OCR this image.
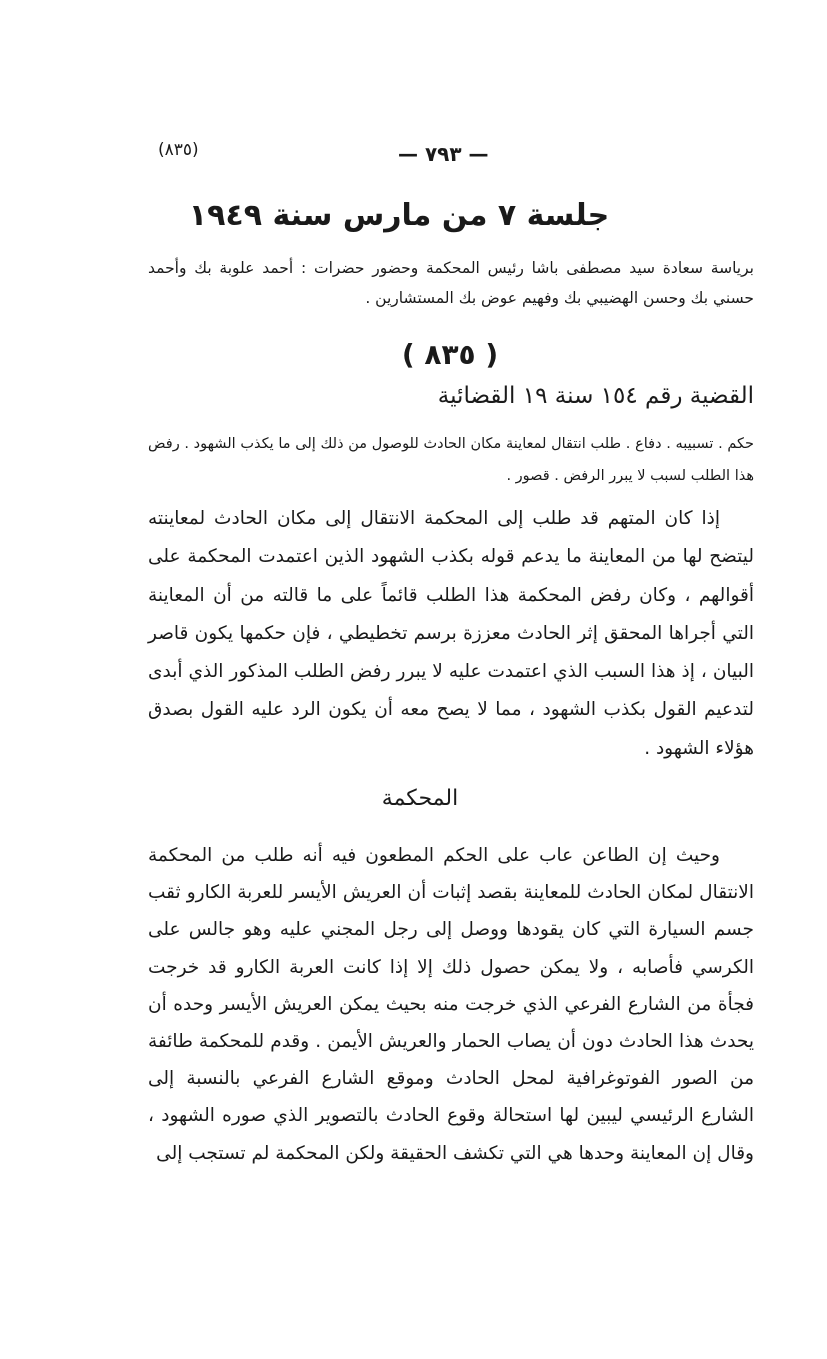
(٨٣٥)	— ٧٩٣ —
جلسة ٧ من مارس سنة ١٩٤٩
برياسة سعادة سيد مصطفى باشا رئيس المحكمة وحضور حضرات : أحمد علوبة بك وأحمد حسني بك وحسن الهضيبي بك وفهيم عوض بك المستشارين .
( ٨٣٥ )
القضية رقم ١٥٤ سنة ١٩ القضائية
حكم . تسبيبه . دفاع . طلب انتقال لمعاينة مكان الحادث للوصول من ذلك إلى ما يكذب الشهود . رفض هذا الطلب لسبب لا يبرر الرفض . قصور .
إذا كان المتهم قد طلب إلى المحكمة الانتقال إلى مكان الحادث لمعاينته ليتضح لها من المعاينة ما يدعم قوله بكذب الشهود الذين اعتمدت المحكمة على أقوالهم ، وكان رفض المحكمة هذا الطلب قائماً على ما قالته من أن المعاينة التي أجراها المحقق إثر الحادث معززة برسم تخطيطي ، فإن حكمها يكون قاصر البيان ، إذ هذا السبب الذي اعتمدت عليه لا يبرر رفض الطلب المذكور الذي أبدى لتدعيم القول بكذب الشهود ، مما لا يصح معه أن يكون الرد عليه القول بصدق هؤلاء الشهود .
المحكمة
وحيث إن الطاعن عاب على الحكم المطعون فيه أنه طلب من المحكمة الانتقال لمكان الحادث للمعاينة بقصد إثبات أن العريش الأيسر للعربة الكارو ثقب جسم السيارة التي كان يقودها ووصل إلى رجل المجني عليه وهو جالس على الكرسي فأصابه ، ولا يمكن حصول ذلك إلا إذا كانت العربة الكارو قد خرجت فجأة من الشارع الفرعي الذي خرجت منه بحيث يمكن العريش الأيسر وحده أن يحدث هذا الحادث دون أن يصاب الحمار والعريش الأيمن . وقدم للمحكمة طائفة من الصور الفوتوغرافية لمحل الحادث وموقع الشارع الفرعي بالنسبة إلى الشارع الرئيسي ليبين لها استحالة وقوع الحادث بالتصوير الذي صوره الشهود ، وقال إن المعاينة وحدها هي التي تكشف الحقيقة ولكن المحكمة لم تستجب إلى
